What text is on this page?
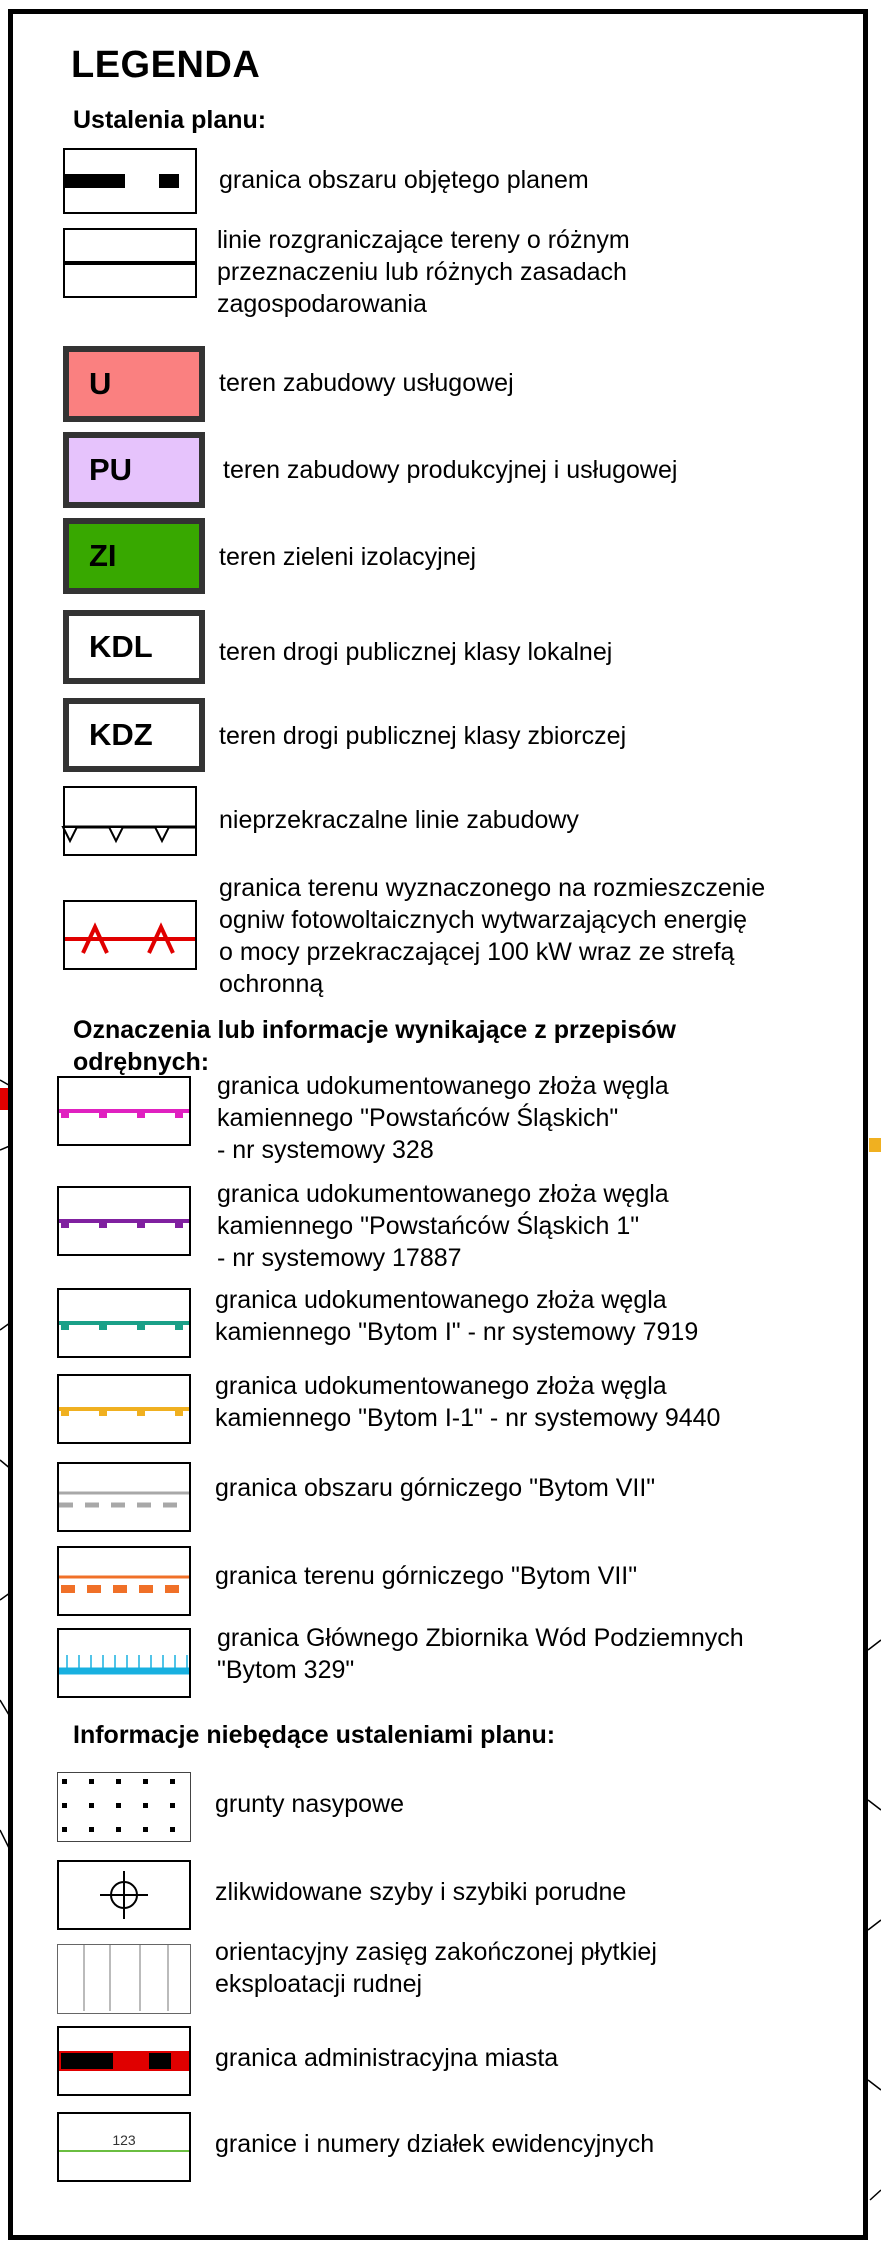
LEGENDA
Ustalenia planu:
Oznaczenia lub informacje wynikające z przepisów
odrębnych:
Informacje niebędące ustaleniami planu:
granica obszaru objętego planem
linie rozgraniczające tereny o różnym
przeznaczeniu lub różnych zasadach
zagospodarowania
U	teren zabudowy usługowej
PU	teren zabudowy produkcyjnej i usługowej
ZI	teren zieleni izolacyjnej
KDL	teren drogi publicznej klasy lokalnej
KDZ	teren drogi publicznej klasy zbiorczej
nieprzekraczalne linie zabudowy
granica terenu wyznaczonego na rozmieszczenie
ogniw fotowoltaicznych wytwarzających energię
o mocy przekraczającej 100 kW wraz ze strefą
ochronną
granica udokumentowanego złoża węgla
kamiennego "Powstańców Śląskich"
- nr systemowy 328
granica udokumentowanego złoża węgla
kamiennego "Powstańców Śląskich 1"
- nr systemowy 17887
granica udokumentowanego złoża węgla
kamiennego "Bytom I" - nr systemowy 7919
granica udokumentowanego złoża węgla
kamiennego "Bytom I-1" - nr systemowy 9440
granica obszaru górniczego "Bytom VII"
granica terenu górniczego "Bytom VII"
granica Głównego Zbiornika Wód Podziemnych
"Bytom 329"
grunty nasypowe
zlikwidowane szyby i szybiki porudne
orientacyjny zasięg zakończonej płytkiej
eksploatacji rudnej
granica administracyjna miasta
123	granice i numery działek ewidencyjnych
